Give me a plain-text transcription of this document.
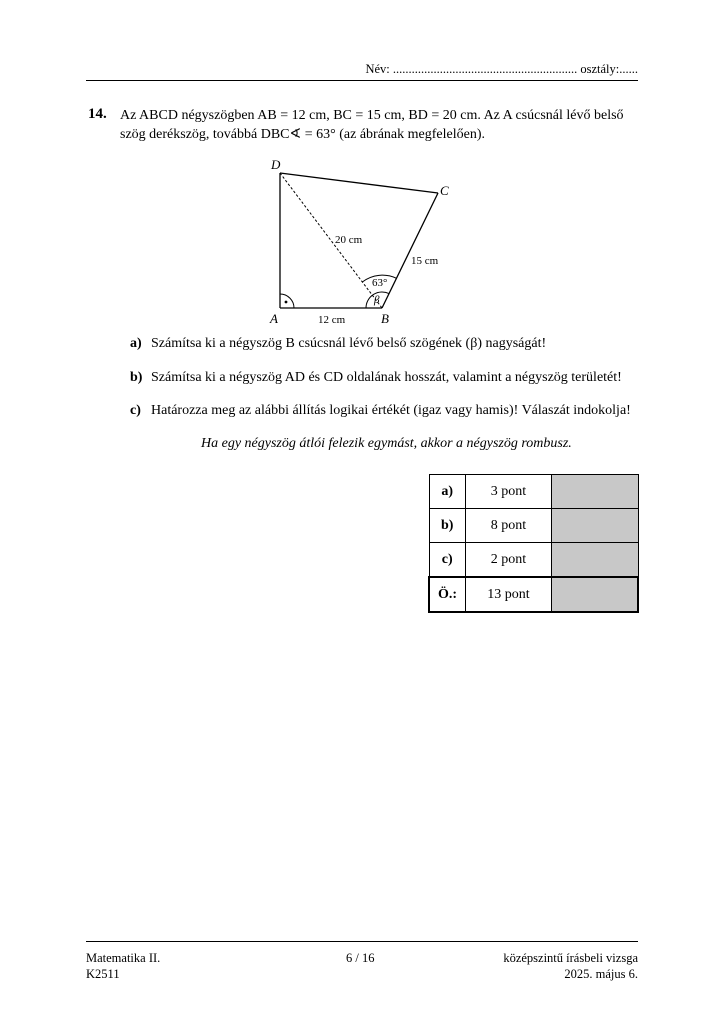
Név: ........................................................... osztály:......
14. Az ABCD négyszögben AB = 12 cm, BC = 15 cm, BD = 20 cm. Az A csúcsnál lévő belső
szög derékszög, továbbá DBC∢ = 63° (az ábrának megfelelően).
D
C
A	B
20 cm
15 cm
12 cm
63°
β
a) Számítsa ki a négyszög B csúcsnál lévő belső szögének (β) nagyságát!
b) Számítsa ki a négyszög AD és CD oldalának hosszát, valamint a négyszög területét!
c) Határozza meg az alábbi állítás logikai értékét (igaz vagy hamis)! Válaszát indokolja!
Ha egy négyszög átlói felezik egymást, akkor a négyszög rombusz.
a)	3 pont	
b)	8 pont	
c)	2 pont	
Ö.:	13 pont	
Matematika II.
K2511
6 / 16	középszintű írásbeli vizsga
2025. május 6.
